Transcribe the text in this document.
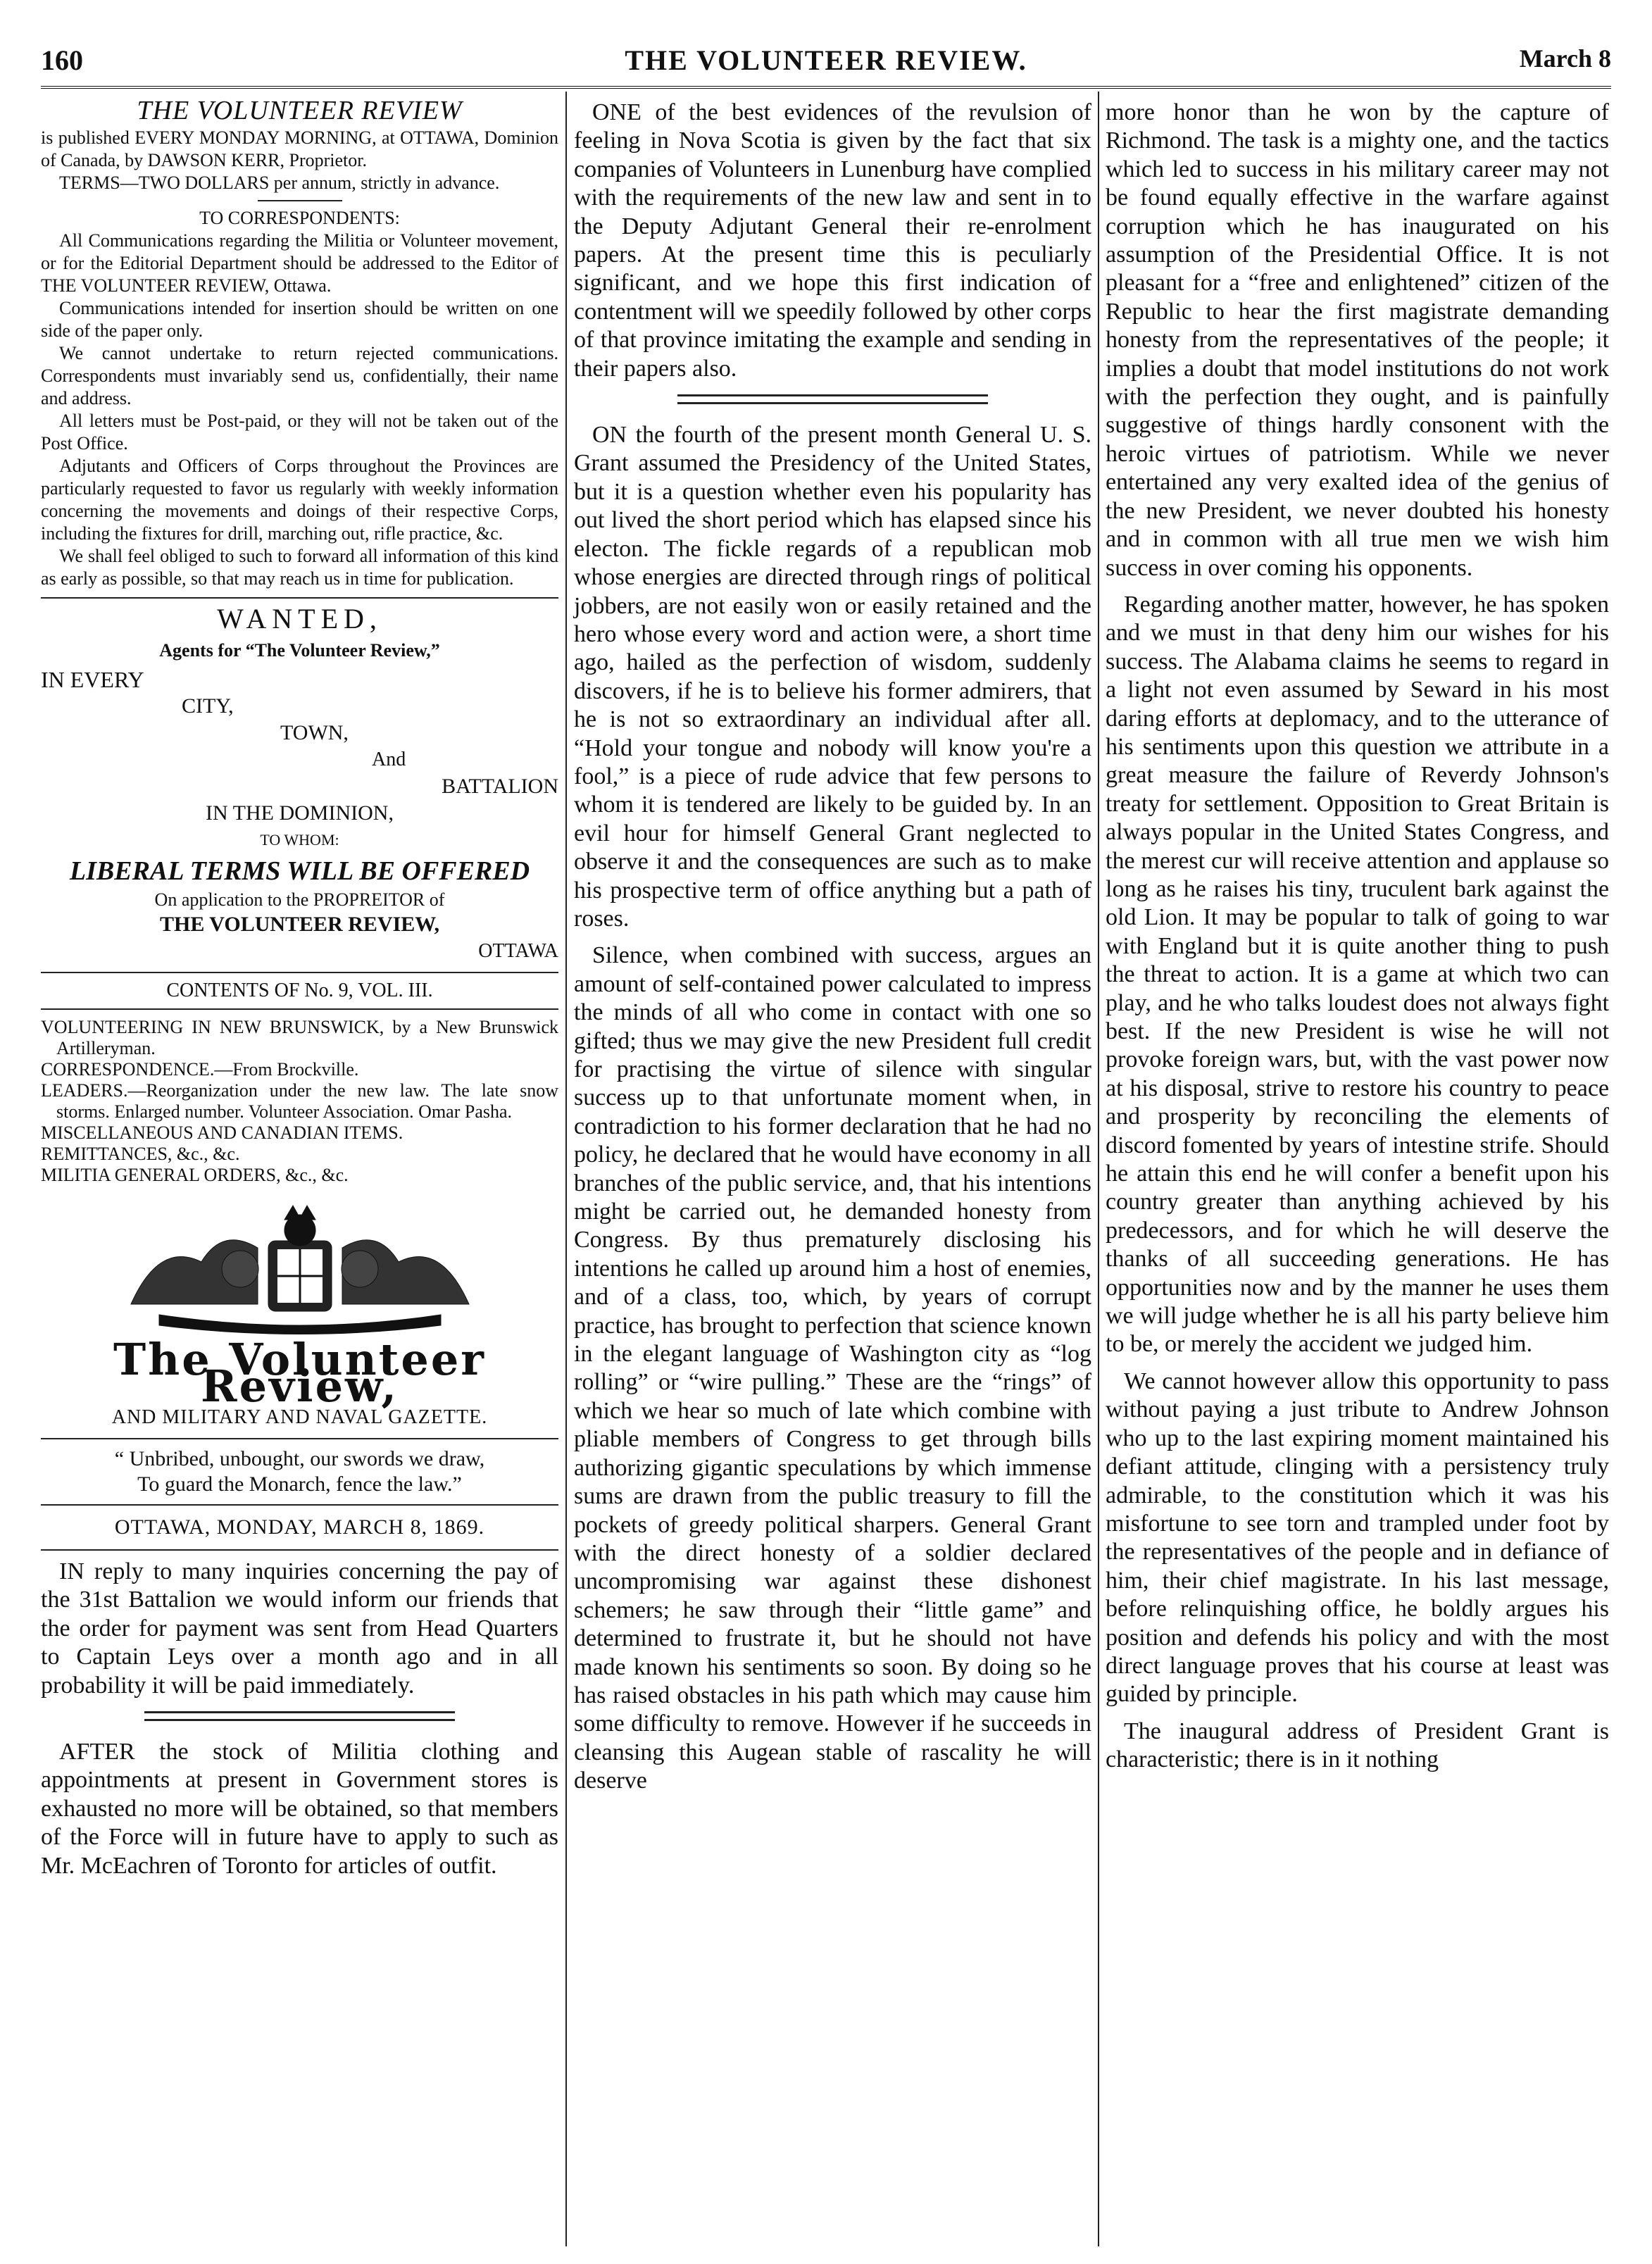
160	THE VOLUNTEER REVIEW.	March 8
THE VOLUNTEER REVIEW
is published EVERY MONDAY MORNING, at OTTAWA, Dominion of Canada, by DAWSON KERR, Proprietor.
TERMS—TWO DOLLARS per annum, strictly in advance.
TO CORRESPONDENTS:
All Communications regarding the Militia or Volunteer movement, or for the Editorial Department should be addressed to the Editor of THE VOLUNTEER REVIEW, Ottawa.
Communications intended for insertion should be written on one side of the paper only.
We cannot undertake to return rejected communications. Correspondents must invariably send us, confidentially, their name and address.
All letters must be Post-paid, or they will not be taken out of the Post Office.
Adjutants and Officers of Corps throughout the Provinces are particularly requested to favor us regularly with weekly information concerning the movements and doings of their respective Corps, including the fixtures for drill, marching out, rifle practice, &c.
We shall feel obliged to such to forward all information of this kind as early as possible, so that may reach us in time for publication.
WANTED,
Agents for “The Volunteer Review,”
IN EVERY
CITY,
TOWN,
And
BATTALION
IN THE DOMINION,
TO WHOM:
LIBERAL TERMS WILL BE OFFERED
On application to the PROPREITOR of
THE VOLUNTEER REVIEW,
OTTAWA
CONTENTS OF No. 9, VOL. III.
VOLUNTEERING IN NEW BRUNSWICK, by a New Brunswick Artilleryman.
CORRESPONDENCE.—From Brockville.
LEADERS.—Reorganization under the new law. The late snow storms. Enlarged number. Volunteer Association. Omar Pasha.
MISCELLANEOUS AND CANADIAN ITEMS.
REMITTANCES, &c., &c.
MILITIA GENERAL ORDERS, &c., &c.
The Volunteer Review,
AND MILITARY AND NAVAL GAZETTE.
“ Unbribed, unbought, our swords we draw,
To guard the Monarch, fence the law.”
OTTAWA, MONDAY, MARCH 8, 1869.

IN reply to many inquiries concerning the pay of the 31st Battalion we would inform our friends that the order for payment was sent from Head Quarters to Captain Leys over a month ago and in all probability it will be paid immediately.

AFTER the stock of Militia clothing and appointments at present in Government stores is exhausted no more will be obtained, so that members of the Force will in future have to apply to such as Mr. McEachren of Toronto for articles of outfit.

ONE of the best evidences of the revulsion of feeling in Nova Scotia is given by the fact that six companies of Volunteers in Lunenburg have complied with the requirements of the new law and sent in to the Deputy Adjutant General their re-enrolment papers. At the present time this is peculiarly significant, and we hope this first indication of contentment will we speedily followed by other corps of that province imitating the example and sending in their papers also.

ON the fourth of the present month General U. S. Grant assumed the Presidency of the United States, but it is a question whether even his popularity has out lived the short period which has elapsed since his electon. The fickle regards of a republican mob whose energies are directed through rings of political jobbers, are not easily won or easily retained and the hero whose every word and action were, a short time ago, hailed as the perfection of wisdom, suddenly discovers, if he is to believe his former admirers, that he is not so extraordinary an individual after all. “Hold your tongue and nobody will know you're a fool,” is a piece of rude advice that few persons to whom it is tendered are likely to be guided by. In an evil hour for himself General Grant neglected to observe it and the consequences are such as to make his prospective term of office anything but a path of roses.

Silence, when combined with success, argues an amount of self-contained power calculated to impress the minds of all who come in contact with one so gifted; thus we may give the new President full credit for practising the virtue of silence with singular success up to that unfortunate moment when, in contradiction to his former declaration that he had no policy, he declared that he would have economy in all branches of the public service, and, that his intentions might be carried out, he demanded honesty from Congress. By thus prematurely disclosing his intentions he called up around him a host of enemies, and of a class, too, which, by years of corrupt practice, has brought to perfection that science known in the elegant language of Washington city as “log rolling” or “wire pulling.” These are the “rings” of which we hear so much of late which combine with pliable members of Congress to get through bills authorizing gigantic speculations by which immense sums are drawn from the public treasury to fill the pockets of greedy political sharpers. General Grant with the direct honesty of a soldier declared uncompromising war against these dishonest schemers; he saw through their “little game” and determined to frustrate it, but he should not have made known his sentiments so soon. By doing so he has raised obstacles in his path which may cause him some difficulty to remove. However if he succeeds in cleansing this Augean stable of rascality he will deserve

more honor than he won by the capture of Richmond. The task is a mighty one, and the tactics which led to success in his military career may not be found equally effective in the warfare against corruption which he has inaugurated on his assumption of the Presidential Office. It is not pleasant for a “free and enlightened” citizen of the Republic to hear the first magistrate demanding honesty from the representatives of the people; it implies a doubt that model institutions do not work with the perfection they ought, and is painfully suggestive of things hardly consonent with the heroic virtues of patriotism. While we never entertained any very exalted idea of the genius of the new President, we never doubted his honesty and in common with all true men we wish him success in over coming his opponents.

Regarding another matter, however, he has spoken and we must in that deny him our wishes for his success. The Alabama claims he seems to regard in a light not even assumed by Seward in his most daring efforts at deplomacy, and to the utterance of his sentiments upon this question we attribute in a great measure the failure of Reverdy Johnson's treaty for settlement. Opposition to Great Britain is always popular in the United States Congress, and the merest cur will receive attention and applause so long as he raises his tiny, truculent bark against the old Lion. It may be popular to talk of going to war with England but it is quite another thing to push the threat to action. It is a game at which two can play, and he who talks loudest does not always fight best. If the new President is wise he will not provoke foreign wars, but, with the vast power now at his disposal, strive to restore his country to peace and prosperity by reconciling the elements of discord fomented by years of intestine strife. Should he attain this end he will confer a benefit upon his country greater than anything achieved by his predecessors, and for which he will deserve the thanks of all succeeding generations. He has opportunities now and by the manner he uses them we will judge whether he is all his party believe him to be, or merely the accident we judged him.

We cannot however allow this opportunity to pass without paying a just tribute to Andrew Johnson who up to the last expiring moment maintained his defiant attitude, clinging with a persistency truly admirable, to the constitution which it was his misfortune to see torn and trampled under foot by the representatives of the people and in defiance of him, their chief magistrate. In his last message, before relinquishing office, he boldly argues his position and defends his policy and with the most direct language proves that his course at least was guided by principle.

The inaugural address of President Grant is characteristic; there is in it nothing
